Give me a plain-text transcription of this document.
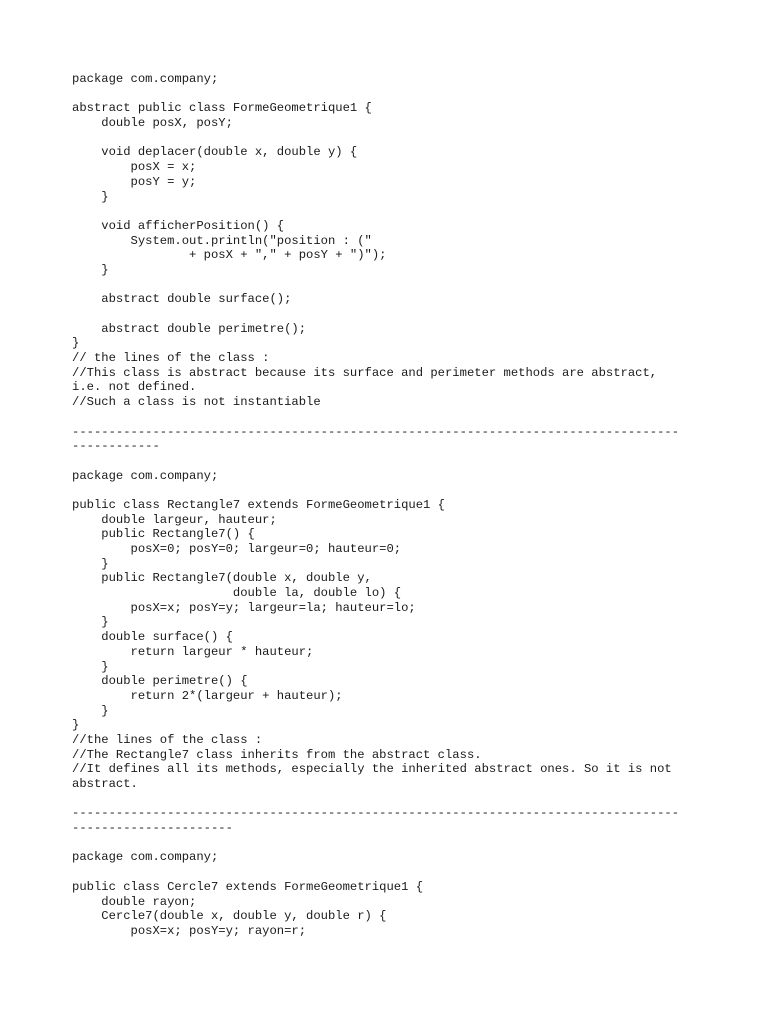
package com.company;
abstract public class FormeGeometrique1 {
double posX, posY;
void deplacer(double x, double y) {
posX = x;
posY = y;
}
void afficherPosition() {
System.out.println("position : ("
+ posX + "," + posY + ")");
}
abstract double surface();
abstract double perimetre();
}
// the lines of the class :
//This class is abstract because its surface and perimeter methods are abstract,
i.e. not defined.
//Such a class is not instantiable
-----------------------------------------------------------------------------------
------------
package com.company;
public class Rectangle7 extends FormeGeometrique1 {
double largeur, hauteur;
public Rectangle7() {
posX=0; posY=0; largeur=0; hauteur=0;
}
public Rectangle7(double x, double y,
double la, double lo) {
posX=x; posY=y; largeur=la; hauteur=lo;
}
double surface() {
return largeur * hauteur;
}
double perimetre() {
return 2*(largeur + hauteur);
}
}
//the lines of the class :
//The Rectangle7 class inherits from the abstract class.
//It defines all its methods, especially the inherited abstract ones. So it is not
abstract.
-----------------------------------------------------------------------------------
----------------------
package com.company;
public class Cercle7 extends FormeGeometrique1 {
double rayon;
Cercle7(double x, double y, double r) {
posX=x; posY=y; rayon=r;
